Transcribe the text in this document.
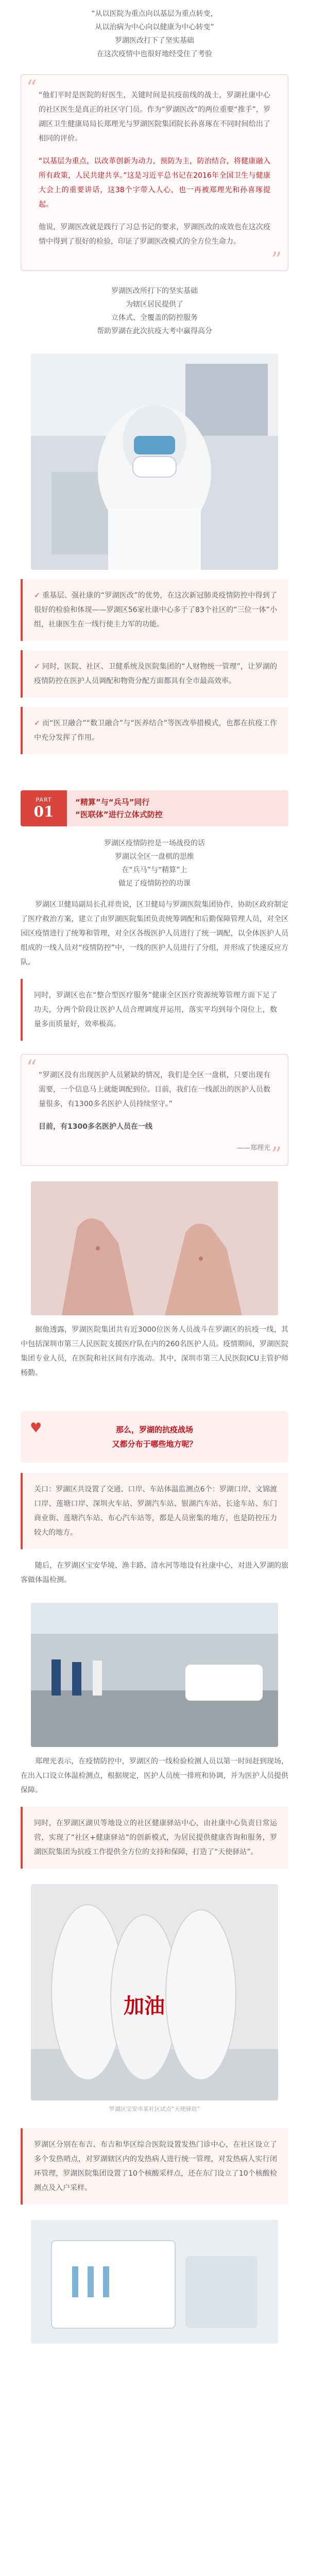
“从以医院为重点向以基层为重点转变，
从以治病为中心向以健康为中心转变”
罗湖医改打下了坚实基础
在这次疫情中也很好地经受住了考验
“ “他们平时是医院的好医生，关键时间是抗疫前线的战士，罗湖社康中心的社区医生是真正的社区守门员。作为“罗湖医改”的两位重要“推手”，罗湖区卫生健康局局长郑理光与罗湖医院集团院长孙喜琢在不同时间给出了相同的评价。

“以基层为重点，以改革创新为动力，预防为主，防治结合，将健康融入所有政策，人民共建共享。”这是习近平总书记在2016年全国卫生与健康大会上的重要讲话，这38个字带入人心，也一再被郑理光和孙喜琢提起。

他说，罗湖医改就是践行了习总书记的要求，罗湖医改的成效也在这次疫情中得到了很好的检验，印证了罗湖医改模式的全方位生命力。

”
罗湖医改所打下的坚实基础
为辖区居民提供了
立体式、全覆盖的防控服务
帮助罗湖在此次抗疫大考中赢得高分
✓ 重基层、强社康的“罗湖医改”的优势，在这次新冠肺炎疫情防控中得到了很好的检验和体现——罗湖区56家社康中心多于了83个社区的“三位一体”小组，社康医生在一线行使主力军的功能。
✓ 同时，医院、社区、卫健系统及医院集团的“人财物统一管理”，让罗湖的疫情防控在医护人员调配和物资分配方面都具有全市最高效率。
✓ 而“医卫融合”“数卫融合”与“医养结合”等医改举措模式，也都在抗疫工作中充分发挥了作用。
PART
01
“精算”与“兵马”同行
“医联体”进行立体式防控
罗湖区疫情防控是一场战役的话
罗湖以全区一盘棋的思维
在“兵马”与“精算”上
做足了疫情防控的功课

罗湖区卫健局副局长孔祥贵说，区卫健局与罗湖医院集团协作，协助区政府制定了医疗救治方案，建立了由罗湖医院集团负责统筹调配和后勤保障管理人员，对全区园区疫情进行了统筹和管理，对全区各级医护人员进行了统一调配，以全体医护人员组成的一线人员对“疫情防控”中，一线的医护人员进行了分组，并形成了快速反应方队。

同时，罗湖区也在“整合型医疗服务”健康全区医疗资源统筹管理方面下足了功夫，分两个阶段让医护人员合理调度并运用，落实平均到每个岗位上，数量多而质量好，效率极高。
“ “罗湖区没有出现医护人员紧缺的情况，我们是全区一盘棋，只要出现有需要，一个信息马上就能调配到位。目前，我们在一线派出的医护人员数量很多，有1300多名医护人员持续坚守。”

目前，有1300多名医护人员在一线

——郑理光 ”

据他透露，罗湖医院集团共有近3000位医务人员战斗在罗湖区的抗疫一线，其中包括深圳市第三人民医院支援医疗队在内的260名医护人员。疫情期间，罗湖医院集团专业人员，在医院和社区间有序流动。其中，深圳市第三人民医院ICU主管护师杨勤。

♥	那么，罗湖的抗疫战场
又都分布于哪些地方呢？
关口：罗湖区共设置了交通、口岸、车站体温监测点6个：罗湖口岸、文锦渡口岸、莲塘口岸、深圳火车站、罗湖汽车站、银湖汽车站、长途车站、东门商业街、莲塘汽车站、布心汽车站等，都是人员密集的地方，也是防控压力较大的地方。

随后，在罗湖区宝安华境、渔丰路、清水河等地设有社康中心，对进入罗湖的旅客做体温检测。

郑理光表示，在疫情防控中，罗湖区的一线检验检测人员以第一时间赶到现场，在出入口设立体温检测点，根据规定，医护人员统一排班和协调，并为医护人员提供保障。

同时，在罗湖区湖贝等地设立的社区健康驿站中心，由社康中心负责日常运营，实现了“社区+健康驿站”的创新模式，为居民提供健康咨询和服务，罗湖医院集团为抗疫工作提供全方位的支持和保障，打造了“天使驿站”。
加油
罗湖区宝安市某社区试点“天使驿站”
罗湖区分别在布吉、布吉和华区综合医院设置发热门诊中心，在社区设立了多个发热哨点，对罗湖辖区内的发热病人进行统一管理，对发热病人实行闭环管理，罗湖医院集团设置了10个核酸采样点，还在东门设立了10个核酸检测点及入户采样。
